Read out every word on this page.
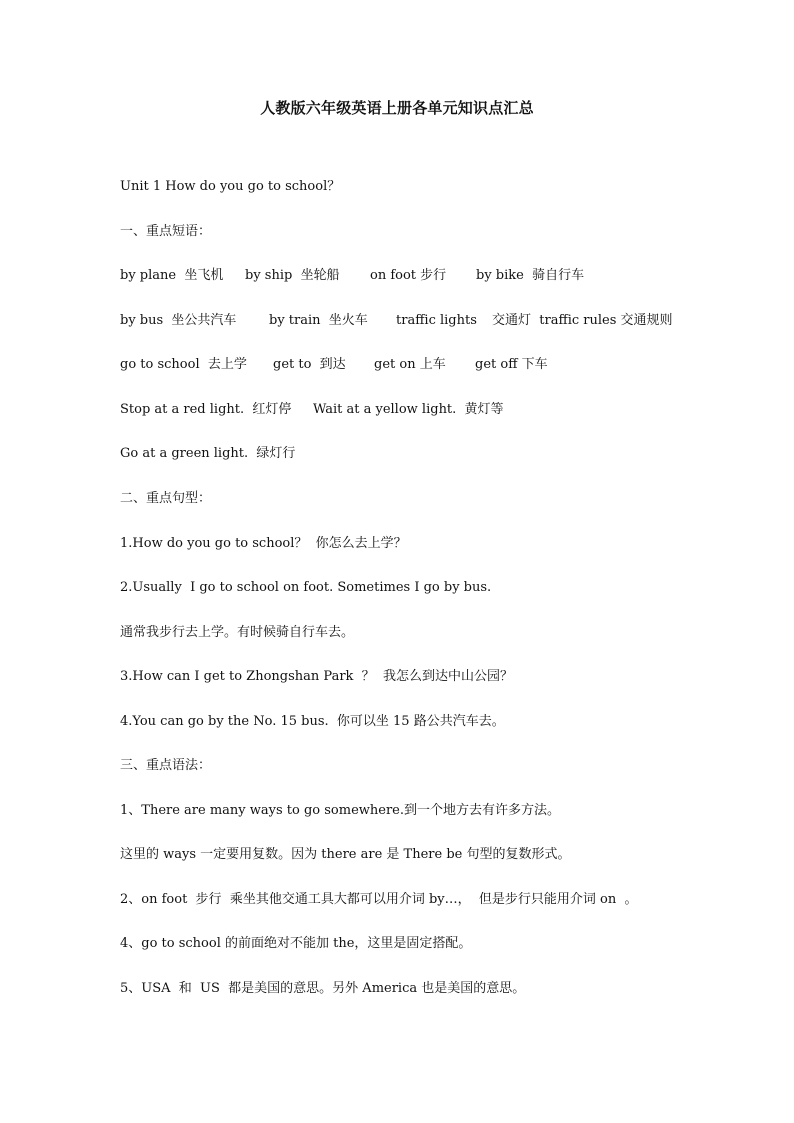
人教版六年级英语上册各单元知识点汇总
Unit 1 How do you go to school？
一、重点短语：
by plane  坐飞机 by ship  坐轮船 on foot 步行 by bike  骑自行车
by bus  坐公共汽车	by train  坐火车 traffic lights 交通灯  traffic rules 交通规则
go to school  去上学 get to  到达 get on 上车 get off 下车
Stop at a red light.  红灯停 Wait at a yellow light.  黄灯等
Go at a green light.  绿灯行
二、重点句型：
1.How do you go to school？  你怎么去上学？
2.Usually  I go to school on foot. Sometimes I go by bus.
通常我步行去上学。有时候骑自行车去。
3.How can I get to Zhongshan Park  ？  我怎么到达中山公园？
4.You can go by the No. 15 bus.  你可以坐 15 路公共汽车去。
三、重点语法：
1、There are many ways to go somewhere.到一个地方去有许多方法。
这里的 ways 一定要用复数。因为 there are 是 There be 句型的复数形式。
2、on foot  步行  乘坐其他交通工具大都可以用介词 by…，  但是步行只能用介词 on  。
4、go to school 的前面绝对不能加 the，这里是固定搭配。
5、USA  和  US  都是美国的意思。另外 America 也是美国的意思。
